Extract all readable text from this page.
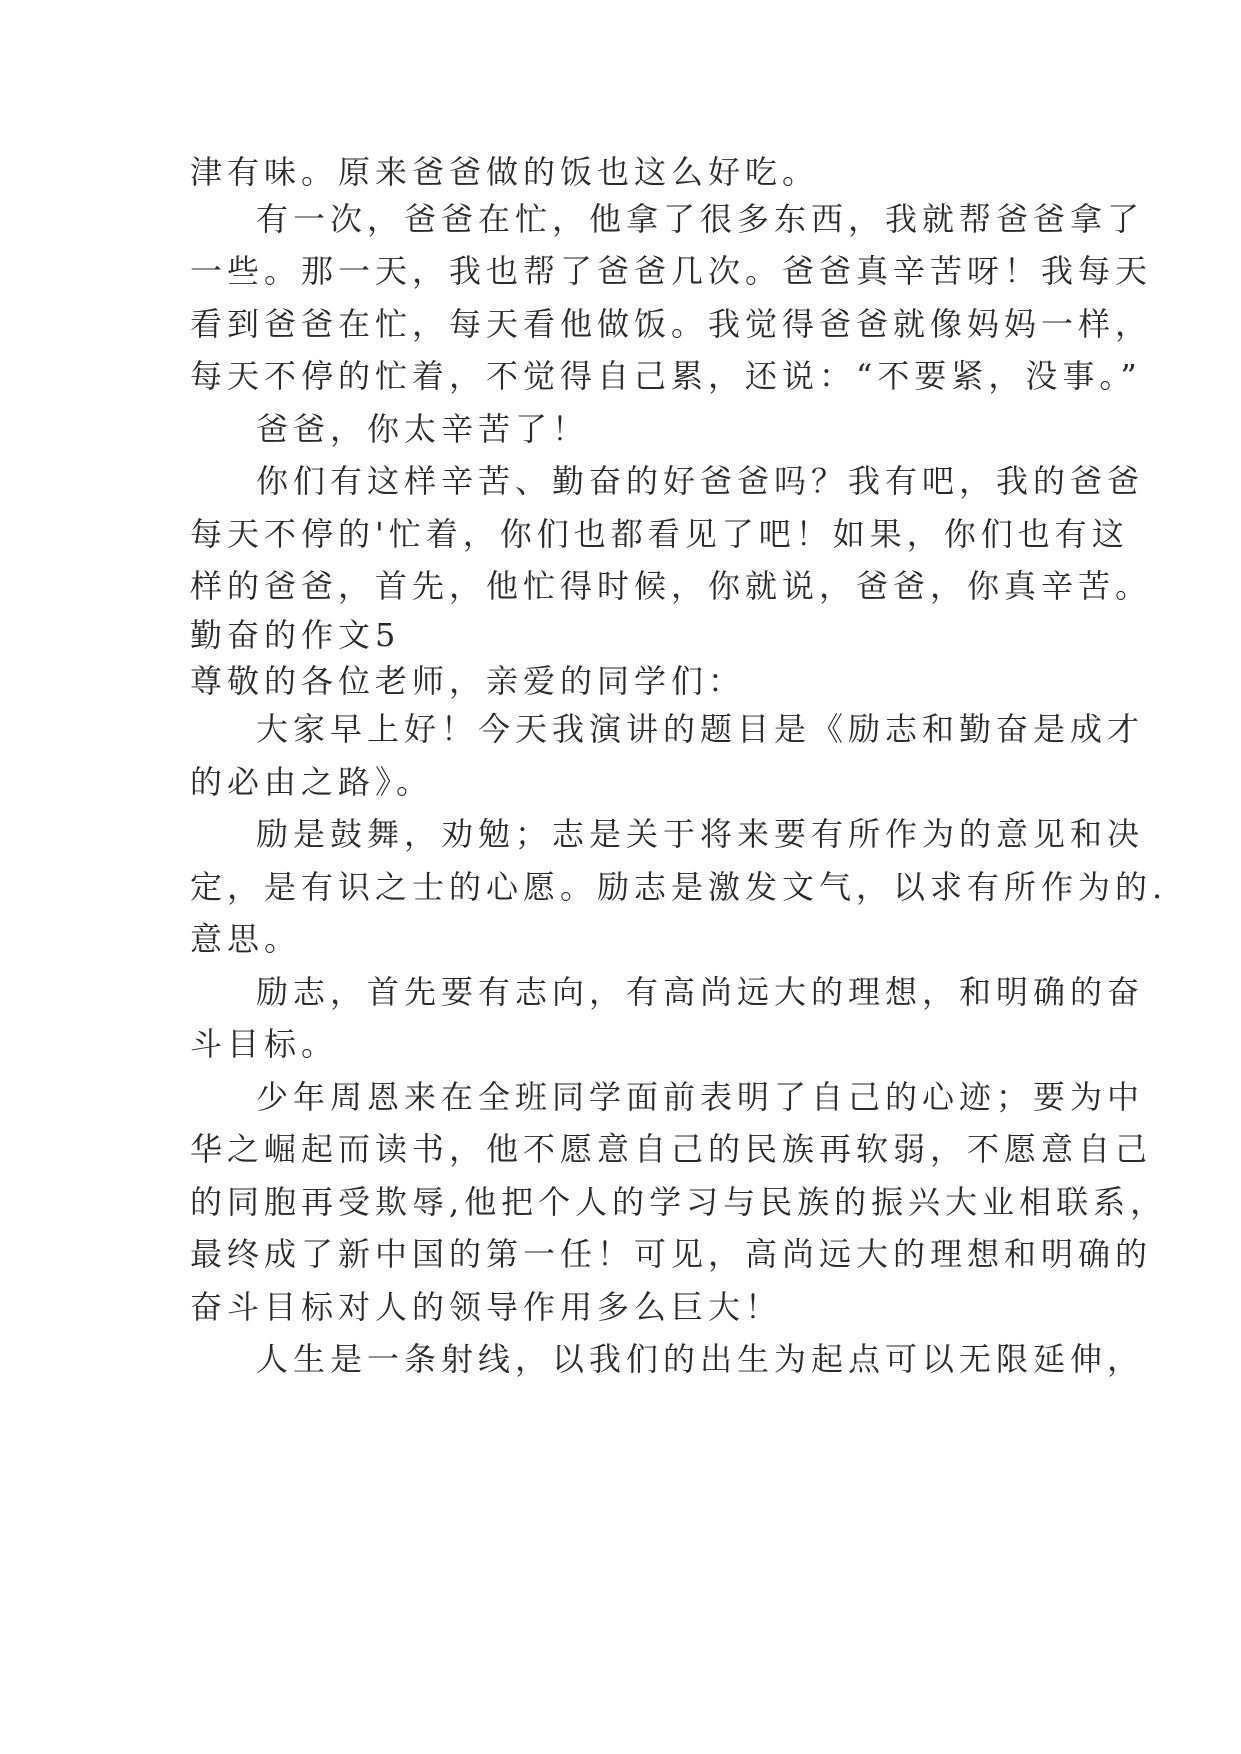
津有味。原来爸爸做的饭也这么好吃。
有一次，爸爸在忙，他拿了很多东西，我就帮爸爸拿了
一些。那一天，我也帮了爸爸几次。爸爸真辛苦呀！我每天
看到爸爸在忙，每天看他做饭。我觉得爸爸就像妈妈一样，
每天不停的忙着，不觉得自己累，还说：“不要紧，没事。”
爸爸，你太辛苦了！
你们有这样辛苦、勤奋的好爸爸吗？我有吧，我的爸爸
每天不停的'忙着，你们也都看见了吧！如果，你们也有这
样的爸爸，首先，他忙得时候，你就说，爸爸，你真辛苦。
勤奋的作文5
尊敬的各位老师，亲爱的同学们：
大家早上好！今天我演讲的题目是《励志和勤奋是成才
的必由之路》。
励是鼓舞，劝勉；志是关于将来要有所作为的意见和决
定，是有识之士的心愿。励志是激发文气，以求有所作为的.
意思。
励志，首先要有志向，有高尚远大的理想，和明确的奋
斗目标。
少年周恩来在全班同学面前表明了自己的心迹；要为中
华之崛起而读书，他不愿意自己的民族再软弱，不愿意自己
的同胞再受欺辱,他把个人的学习与民族的振兴大业相联系，
最终成了新中国的第一任！可见，高尚远大的理想和明确的
奋斗目标对人的领导作用多么巨大！
人生是一条射线，以我们的出生为起点可以无限延伸，
